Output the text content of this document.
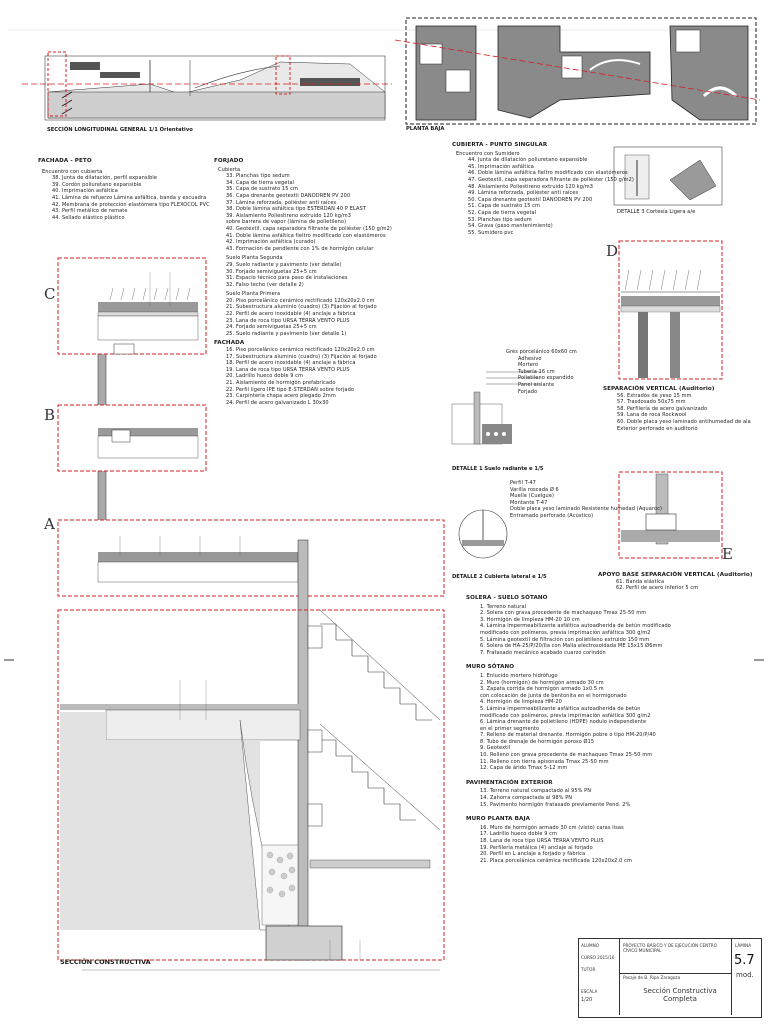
SECCIÓN LONGITUDINAL GENERAL 1/1 Orientativo	PLANTA BAJA
DETALLE 3 Cortesía Ligera a/e
DETALLE 1 Suelo radiante e 1/5
DETALLE 2 Cubierta lateral e 1/5
SECCIÓN CONSTRUCTIVA
C
B
A
D
E
FACHADA - PETO
Encuentro con cubierta
38. Junta de dilatación, perfil expansible
39. Cordón poliuretano expansible
40. Imprimación asfáltica
41. Lámina de refuerzo Lámina asfáltica, banda y escuadra
42. Membrana de protección elastómera tipo FLEXOCOL PVC
43. Perfil metálico de remate
44. Sellado elástico plástico
FORJADO
Cubierta
33. Planchas tipo sedum
34. Capa de tierra vegetal
35. Capa de sustrato 15 cm
36. Capa drenante geotextil DANODREN PV 200
37. Lámina reforzada, poliéster anti raíces
38. Doble lámina asfáltica tipo ESTERDAN 40 P ELAST
39. Aislamiento Poliestireno extruido 120 kg/m3
sobre barrera de vapor (lámina de polietileno)
40. Geotextil, capa separadora filtrante de poliéster (150 g/m2)
41. Doble lámina asfáltica fieltro modificado con elastómeros
42. Imprimación asfáltica (curado)
43. Formación de pendiente con 1% de hormigón celular
Suelo Planta Segunda
29. Suelo radiante y pavimento (ver detalle)
30. Forjado semiviguetas 25+5 cm
31. Espacio técnico para paso de instalaciones
32. Falso techo (ver detalle 2)
Suelo Planta Primera
20. Piso porcelánico cerámico rectificado 120x20x2.0 cm
21. Subestructura aluminio (cuadro) (3) Fijación al forjado
22. Perfil de acero inoxidable (4) anclaje a fábrica
23. Lana de roca tipo URSA TERRA VENTO PLUS
24. Forjado semiviguetas 25+5 cm
25. Suelo radiante y pavimento (ver detalle 1)
FACHADA
16. Piso porcelánico cerámico rectificado 120x20x2.0 cm
17. Subestructura aluminio (cuadro) (3) Fijación al forjado
18. Perfil de acero inoxidable (4) anclaje a fábrica
19. Lana de roca tipo URSA TERRA VENTO PLUS
20. Ladrillo hueco doble 9 cm
21. Aislamiento de hormigón prefabricado
22. Perfil ligero IPE tipo E-STERDAN sobre forjado
23. Carpintería chapa acero plegado 2mm
24. Perfil de acero galvanizado L 30x30
CUBIERTA - PUNTO SINGULAR
Encuentro con Sumidero
44. Junta de dilatación poliuretano expansible
45. Imprimación asfáltica
46. Doble lámina asfáltica fieltro modificado con elastómeros
47. Geotextil, capa separadora filtrante de poliéster (150 g/m2)
48. Aislamiento Poliestireno extruido 120 kg/m3
49. Lámina reforzada, poliéster anti raíces
50. Capa drenante geotextil DANODREN PV 200
51. Capa de sustrato 15 cm
52. Capa de tierra vegetal
53. Planchas tipo sedum
54. Grava (paso mantenimiento)
55. Sumidero pvc
Grés porcelánico 60x60 cm
Adhesivo
Mortero
Tubería 16 cm
Polietileno expandido
Panel aislante
Forjado
Perfil T-47
Varilla roscada Ø 6
Muelle (Cuelgue)
Montante T-47
Doble placa yeso laminado Resistente humedad (Aquaroc)
Entramado perforado (Acústico)
SEPARACIÓN VERTICAL (Auditorio)
56. Extradós de yeso 15 mm
57. Trasdosado 50x75 mm
58. Perfilería de acero galvanizado
59. Lana de roca Rockwool
60. Doble placa yeso laminado antihumedad de ala
Exterior perforado en auditorio
APOYO BASE SEPARACIÓN VERTICAL (Auditorio)
61. Banda elástica
62. Perfil de acero inferior 5 cm
SOLERA - SUELO SÓTANO
1. Terreno natural
2. Solera con grava procedente de machaqueo Tmax 25-50 mm
3. Hormigón de limpieza HM-20 10 cm
4. Lámina impermeabilizante asfáltica autoadherida de betún modificado
modificado con polímeros, previa imprimación asfáltica 300 g/m2
5. Lámina geotextil de filtración con polietileno extruido 150 mm
6. Solera de HA-25/P/20/IIa con Malla electrosoldada ME 15x15 Ø6mm
7. Fratasado mecánico acabado cuarzo corindón
MURO SÓTANO
1. Enlucido mortero hidrófugo
2. Muro (hormigón) de hormigón armado 30 cm
3. Zapata corrida de hormigón armado 1x0.5 m
con colocación de junta de bentonita en el hormigonado
4. Hormigón de limpieza HM-20
5. Lámina impermeabilizante asfáltica autoadherida de betún
modificado con polímeros, previa imprimación asfáltica 300 g/m2
6. Lámina drenante de polietileno (HDPE) nodulo independiente
en el primer segmento
7. Relleno de material drenante. Hormigón pobre o tipo HM-20/P/40
8. Tubo de drenaje de hormigón poroso Ø15
9. Geotextil
10. Relleno con grava procedente de machaqueo Tmax 25-50 mm
11. Relleno con tierra apisonada Tmax 25-50 mm
12. Capa de árido Tmax 5-12 mm
PAVIMENTACIÓN EXTERIOR
13. Terreno natural compactado al 95% PN
14. Zahorra compactada al 98% PN
15. Pavimento hormigón fratasado previamente Pend. 2%
MURO PLANTA BAJA
16. Muro de hormigón armado 30 cm (visto) caras lisas
17. Ladrillo hueco doble 9 cm
18. Lana de roca tipo URSA TERRA VENTO PLUS
19. Perfilería metálica (4) anclaje al forjado
20. Perfil en L anclaje a forjado y fábrica
21. Placa porcelánica cerámica rectificada 120x20x2.0 cm
PROYECTO BÁSICO Y DE EJECUCIÓN CENTRO CÍVICO MUNICIPAL
ALUMNO
CURSO 2015/16
TUTOR
ESCALA
1/20
Pasaje de B. Ripa Zaragoza
Sección Constructiva Completa
LÁMINA
5.7
mod.
